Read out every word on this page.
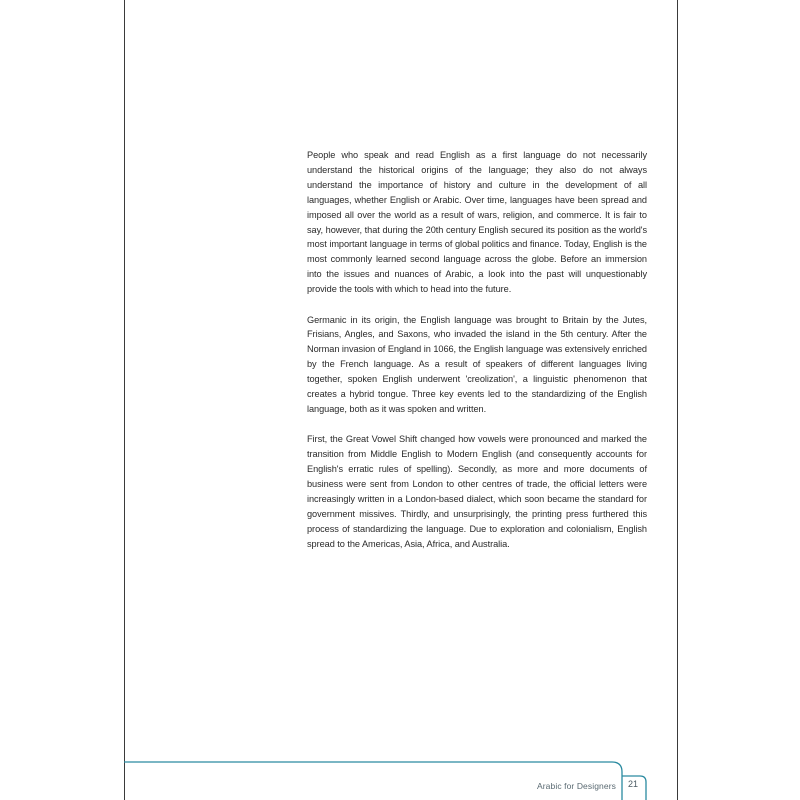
People who speak and read English as a first language do not necessarily understand the historical origins of the language; they also do not always understand the importance of history and culture in the development of all languages, whether English or Arabic. Over time, languages have been spread and imposed all over the world as a result of wars, religion, and commerce. It is fair to say, however, that during the 20th century English secured its position as the world's most important language in terms of global politics and finance. Today, English is the most commonly learned second language across the globe. Before an immersion into the issues and nuances of Arabic, a look into the past will unquestionably provide the tools with which to head into the future.

Germanic in its origin, the English language was brought to Britain by the Jutes, Frisians, Angles, and Saxons, who invaded the island in the 5th century. After the Norman invasion of England in 1066, the English language was extensively enriched by the French language. As a result of speakers of different languages living together, spoken English underwent 'creolization', a linguistic phenomenon that creates a hybrid tongue. Three key events led to the standardizing of the English language, both as it was spoken and written.

First, the Great Vowel Shift changed how vowels were pronounced and marked the transition from Middle English to Modern English (and consequently accounts for English's erratic rules of spelling). Secondly, as more and more documents of business were sent from London to other centres of trade, the official letters were increasingly written in a London-based dialect, which soon became the standard for government missives. Thirdly, and unsurprisingly, the printing press furthered this process of standardizing the language. Due to exploration and colonialism, English spread to the Americas, Asia, Africa, and Australia.

Arabic for Designers	21
